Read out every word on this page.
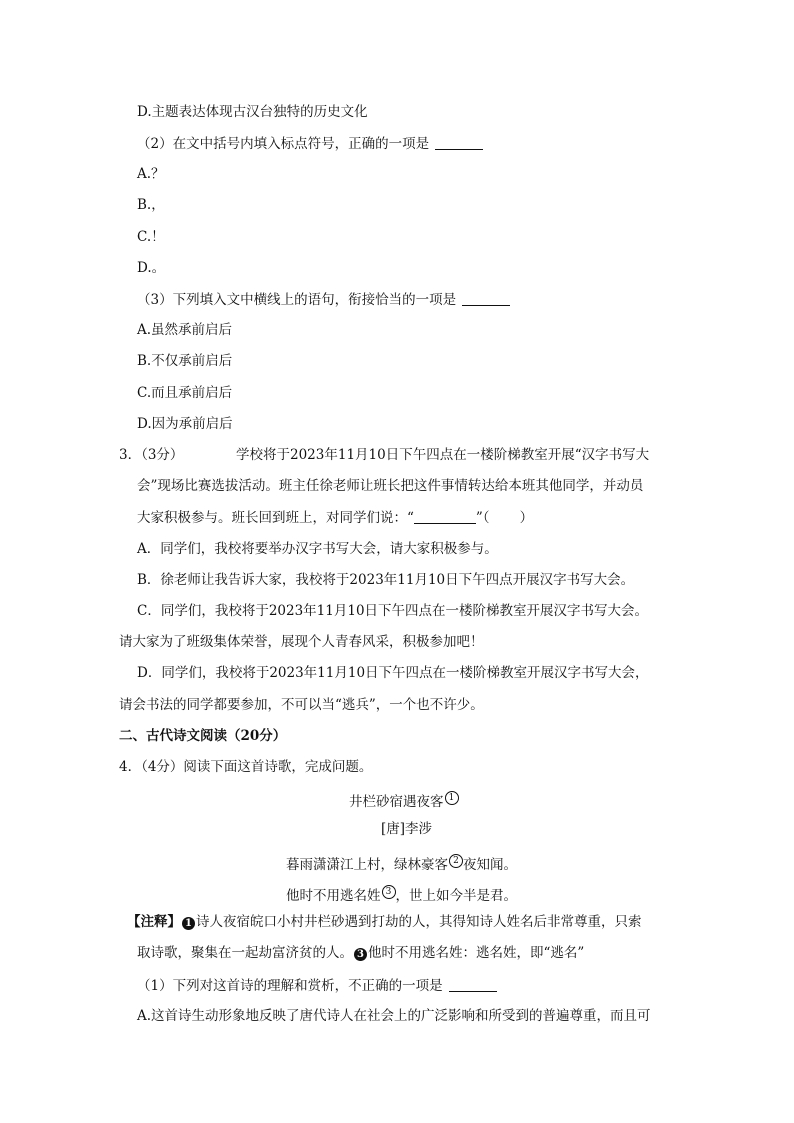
D.主题表达体现古汉台独特的历史文化
（2）在文中括号内填入标点符号，正确的一项是
A.？
B.，
C.！
D.。
（3）下列填入文中横线上的语句，衔接恰当的一项是
A.虽然承前启后
B.不仅承前启后
C.而且承前启后
D.因为承前启后
3．（3分）	学校将于2023年11月10日下午四点在一楼阶梯教室开展“汉字书写大
会”现场比赛选拔活动。班主任徐老师让班长把这件事情转达给本班其他同学，并动员
大家积极参与。班长回到班上，对同学们说：“	”（ ）
A．同学们，我校将要举办汉字书写大会，请大家积极参与。
B．徐老师让我告诉大家，我校将于2023年11月10日下午四点开展汉字书写大会。
C．同学们，我校将于2023年11月10日下午四点在一楼阶梯教室开展汉字书写大会。
请大家为了班级集体荣誉，展现个人青春风采，积极参加吧！
D．同学们，我校将于2023年11月10日下午四点在一楼阶梯教室开展汉字书写大会，
请会书法的同学都要参加，不可以当“逃兵”，一个也不许少。
二、古代诗文阅读（20分）
4．（4分）阅读下面这首诗歌，完成问题。
井栏砂宿遇夜客 1
[唐]李涉
暮雨潇潇江上村，绿林豪客 2 夜知闻。
他时不用逃名姓 3 ，世上如今半是君。
【注释】 1 诗人夜宿皖口小村井栏砂遇到打劫的人，其得知诗人姓名后非常尊重，只索
取诗歌，聚集在一起劫富济贫的人。 3 他时不用逃名姓：逃名姓，即“逃名”
（1）下列对这首诗的理解和赏析，不正确的一项是
A.这首诗生动形象地反映了唐代诗人在社会上的广泛影响和所受到的普遍尊重，而且可
